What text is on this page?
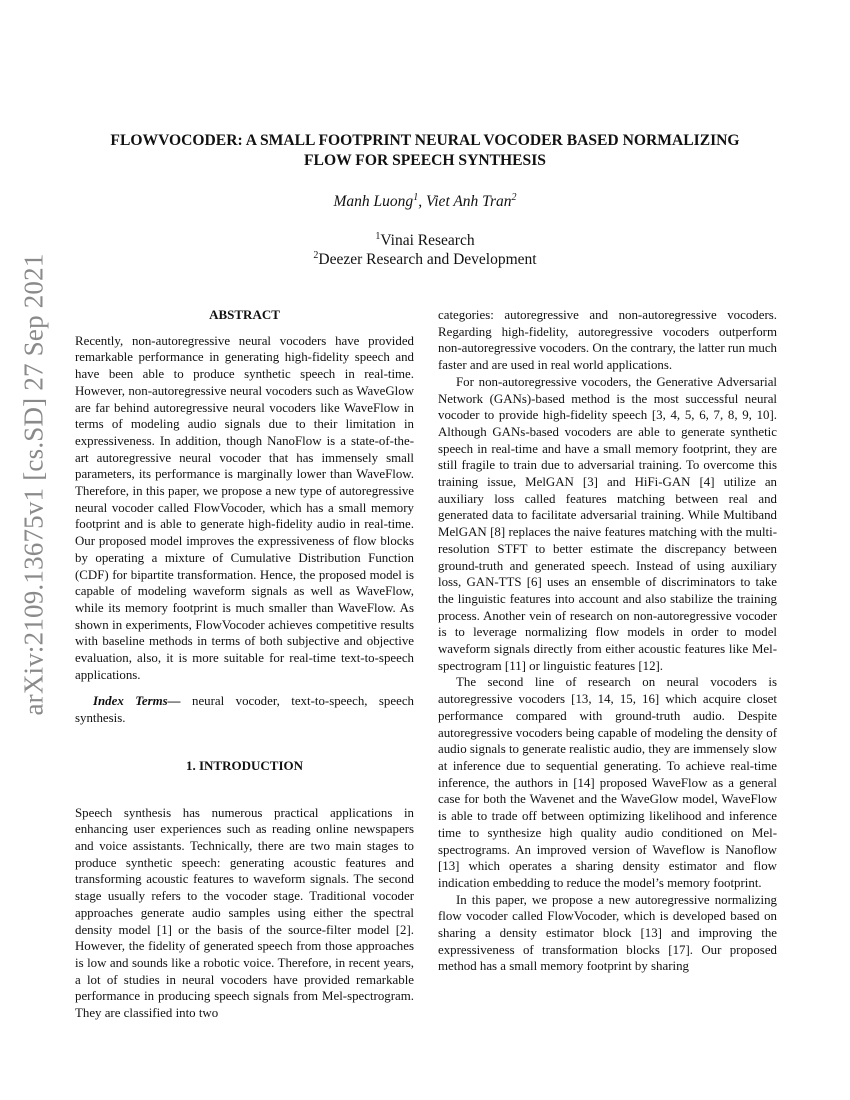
arXiv:2109.13675v1 [cs.SD] 27 Sep 2021
FLOWVOCODER: A SMALL FOOTPRINT NEURAL VOCODER BASED NORMALIZING
FLOW FOR SPEECH SYNTHESIS
Manh Luong$^1$, Viet Anh Tran$^2$
$^1$Vinai Research
$^2$Deezer Research and Development
ABSTRACT

Recently, non-autoregressive neural vocoders have provided remarkable performance in generating high-fidelity speech and have been able to produce synthetic speech in real-time. However, non-autoregressive neural vocoders such as WaveGlow are far behind autoregressive neural vocoders like WaveFlow in terms of modeling audio signals due to their limitation in expressiveness. In addition, though NanoFlow is a state-of-the-art autoregressive neural vocoder that has immensely small parameters, its performance is marginally lower than WaveFlow. Therefore, in this paper, we propose a new type of autoregressive neural vocoder called FlowVocoder, which has a small memory footprint and is able to generate high-fidelity audio in real-time. Our proposed model improves the expressiveness of flow blocks by operating a mixture of Cumulative Distribution Function (CDF) for bipartite transformation. Hence, the proposed model is capable of modeling waveform signals as well as WaveFlow, while its memory footprint is much smaller than WaveFlow. As shown in experiments, FlowVocoder achieves competitive results with baseline methods in terms of both subjective and objective evaluation, also, it is more suitable for real-time text-to-speech applications.

Index Terms— neural vocoder, text-to-speech, speech synthesis.

1. INTRODUCTION

Speech synthesis has numerous practical applications in enhancing user experiences such as reading online newspapers and voice assistants. Technically, there are two main stages to produce synthetic speech: generating acoustic features and transforming acoustic features to waveform signals. The second stage usually refers to the vocoder stage. Traditional vocoder approaches generate audio samples using either the spectral density model [1] or the basis of the source-filter model [2]. However, the fidelity of generated speech from those approaches is low and sounds like a robotic voice. Therefore, in recent years, a lot of studies in neural vocoders have provided remarkable performance in producing speech signals from Mel-spectrogram. They are classified into two

categories: autoregressive and non-autoregressive vocoders. Regarding high-fidelity, autoregressive vocoders outperform non-autoregressive vocoders. On the contrary, the latter run much faster and are used in real world applications.

For non-autoregressive vocoders, the Generative Adversarial Network (GANs)-based method is the most successful neural vocoder to provide high-fidelity speech [3, 4, 5, 6, 7, 8, 9, 10]. Although GANs-based vocoders are able to generate synthetic speech in real-time and have a small memory footprint, they are still fragile to train due to adversarial training. To overcome this training issue, MelGAN [3] and HiFi-GAN [4] utilize an auxiliary loss called features matching between real and generated data to facilitate adversarial training. While Multiband MelGAN [8] replaces the naive features matching with the multi-resolution STFT to better estimate the discrepancy between ground-truth and generated speech. Instead of using auxiliary loss, GAN-TTS [6] uses an ensemble of discriminators to take the linguistic features into account and also stabilize the training process. Another vein of research on non-autoregressive vocoder is to leverage normalizing flow models in order to model waveform signals directly from either acoustic features like Mel-spectrogram [11] or linguistic features [12].

The second line of research on neural vocoders is autoregressive vocoders [13, 14, 15, 16] which acquire closet performance compared with ground-truth audio. Despite autoregressive vocoders being capable of modeling the density of audio signals to generate realistic audio, they are immensely slow at inference due to sequential generating. To achieve real-time inference, the authors in [14] proposed WaveFlow as a general case for both the Wavenet and the WaveGlow model, WaveFlow is able to trade off between optimizing likelihood and inference time to synthesize high quality audio conditioned on Mel-spectrograms. An improved version of Waveflow is Nanoflow [13] which operates a sharing density estimator and flow indication embedding to reduce the model’s memory footprint.

In this paper, we propose a new autoregressive normalizing flow vocoder called FlowVocoder, which is developed based on sharing a density estimator block [13] and improving the expressiveness of transformation blocks [17]. Our proposed method has a small memory footprint by sharing
